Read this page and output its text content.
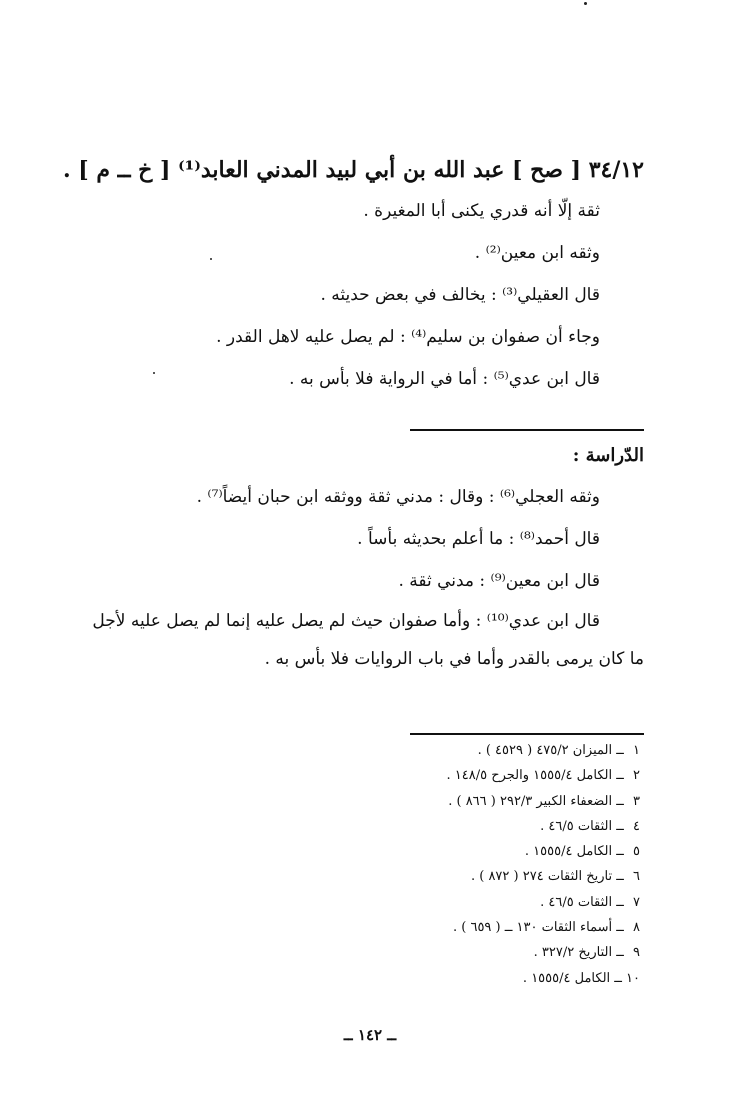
٣٤/١٢ [ صح ] عبد الله بن أبي لبيد المدني العابد⁽¹⁾ [ خ ــ م ] .
ثقة إلّا أنه قدري يكنى أبا المغيرة .
وثقه ابن معين⁽²⁾ .
قال العقيلي⁽³⁾ : يخالف في بعض حديثه .
وجاء أن صفوان بن سليم⁽⁴⁾ : لم يصل عليه لاهل القدر .
قال ابن عدي⁽⁵⁾ : أما في الرواية فلا بأس به .
الدّراسة :
وثقه العجلي⁽⁶⁾ : وقال : مدني ثقة ووثقه ابن حبان أيضاً⁽⁷⁾ .
قال أحمد⁽⁸⁾ : ما أعلم بحديثه بأساً .
قال ابن معين⁽⁹⁾ : مدني ثقة .
قال ابن عدي⁽¹⁰⁾ : وأما صفوان حيث لم يصل عليه إنما لم يصل عليه لأجل ما كان يرمى بالقدر وأما في باب الروايات فلا بأس به .
١ ــ الميزان ٤٧٥/٢ ( ٤٥٢٩ ) .
٢ ــ الكامل ١٥٥٥/٤ والجرح ١٤٨/٥ .
٣ ــ الضعفاء الكبير ٢٩٢/٣ ( ٨٦٦ ) .
٤ ــ الثقات ٤٦/٥ .
٥ ــ الكامل ١٥٥٥/٤ .
٦ ــ تاريخ الثقات ٢٧٤ ( ٨٧٢ ) .
٧ ــ الثقات ٤٦/٥ .
٨ ــ أسماء الثقات ١٣٠ ــ ( ٦٥٩ ) .
٩ ــ التاريخ ٣٢٧/٢ .
١٠ ــ الكامل ١٥٥٥/٤ .
ــ ١٤٢ ــ
